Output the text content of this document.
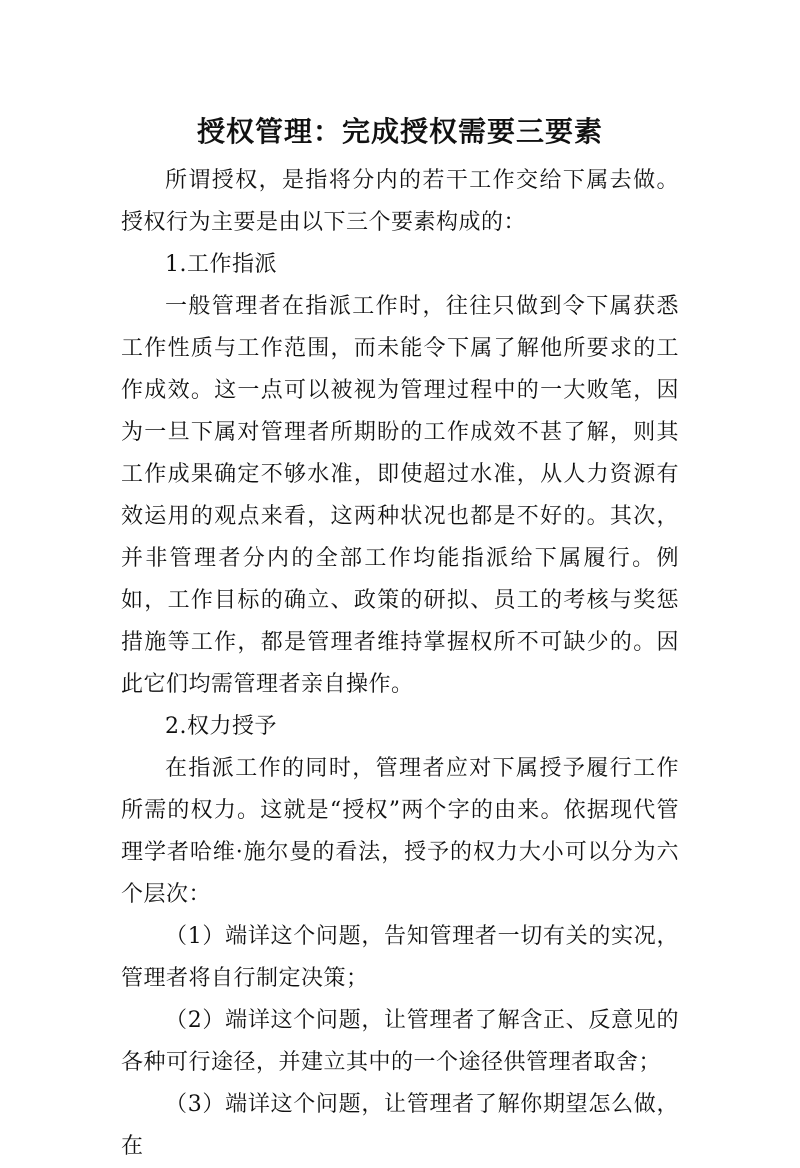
授权管理：完成授权需要三要素

所谓授权，是指将分内的若干工作交给下属去做。授权行为主要是由以下三个要素构成的：

1.工作指派

一般管理者在指派工作时，往往只做到令下属获悉工作性质与工作范围，而未能令下属了解他所要求的工作成效。这一点可以被视为管理过程中的一大败笔，因为一旦下属对管理者所期盼的工作成效不甚了解，则其工作成果确定不够水准，即使超过水准，从人力资源有效运用的观点来看，这两种状况也都是不好的。其次，并非管理者分内的全部工作均能指派给下属履行。例如，工作目标的确立、政策的研拟、员工的考核与奖惩措施等工作，都是管理者维持掌握权所不可缺少的。因此它们均需管理者亲自操作。

2.权力授予

在指派工作的同时，管理者应对下属授予履行工作所需的权力。这就是“授权”两个字的由来。依据现代管理学者哈维·施尔曼的看法，授予的权力大小可以分为六个层次：

（1）端详这个问题，告知管理者一切有关的实况，管理者将自行制定决策；

（2）端详这个问题，让管理者了解含正、反意见的各种可行途径，并建立其中的一个途径供管理者取舍；

（3）端详这个问题，让管理者了解你期望怎么做，在
